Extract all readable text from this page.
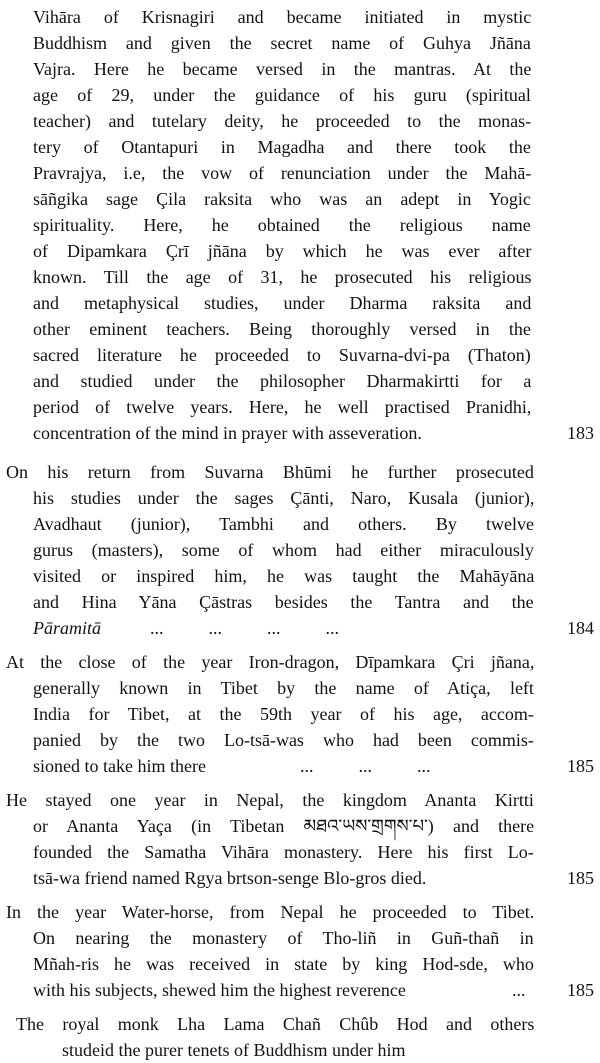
Vihāra of Krisnagiri and became initiated in mystic
Buddhism and given the secret name of Guhya Jñāna
Vajra. Here he became versed in the mantras. At the
age of 29, under the guidance of his guru (spiritual
teacher) and tutelary deity, he proceeded to the monas-
tery of Otantapuri in Magadha and there took the
Pravrajya, i.e, the vow of renunciation under the Mahā-
sāñgika sage Çila raksita who was an adept in Yogic
spirituality. Here, he obtained the religious name
of Dipamkara Çrī jñāna by which he was ever after
known. Till the age of 31, he prosecuted his religious
and metaphysical studies, under Dharma raksita and
other eminent teachers. Being thoroughly versed in the
sacred literature he proceeded to Suvarna-dvi-pa (Thaton)
and studied under the philosopher Dharmakirtti for a
period of twelve years. Here, he well practised Pranidhi,
concentration of the mind in prayer with asseveration.	183
On his return from Suvarna Bhūmi he further prosecuted
his studies under the sages Çānti, Naro, Kusala (junior),
Avadhaut (junior), Tambhi and others. By twelve
gurus (masters), some of whom had either miraculously
visited or inspired him, he was taught the Mahāyāna
and Hina Yāna Çāstras besides the Tantra and the
Pāramitā	...          ...          ...          ...	184
At the close of the year Iron-dragon, Dīpamkara Çri jñana,
generally known in Tibet by the name of Atiça, left
India for Tibet, at the 59th year of his age, accom-
panied by the two Lo-tsā-was who had been commis-
sioned to take him there	...          ...          ...	185
He stayed one year in Nepal, the kingdom Ananta Kirtti
or Ananta Yaça (in Tibetan མཐའ་ཡས་གྲགས་པ་) and there
founded the Samatha Vihāra monastery. Here his first Lo-
tsā-wa friend named Rgya brtson-senge Blo-gros died.	185
In the year Water-horse, from Nepal he proceeded to Tibet.
On nearing the monastery of Tho-liñ in Guñ-thañ in
Mñah-ris he was received in state by king Hod-sde, who
with his subjects, shewed him the highest reverence	...	185
The royal monk Lha Lama Chañ Chûb Hod and others
studeid the purer tenets of Buddhism under him
